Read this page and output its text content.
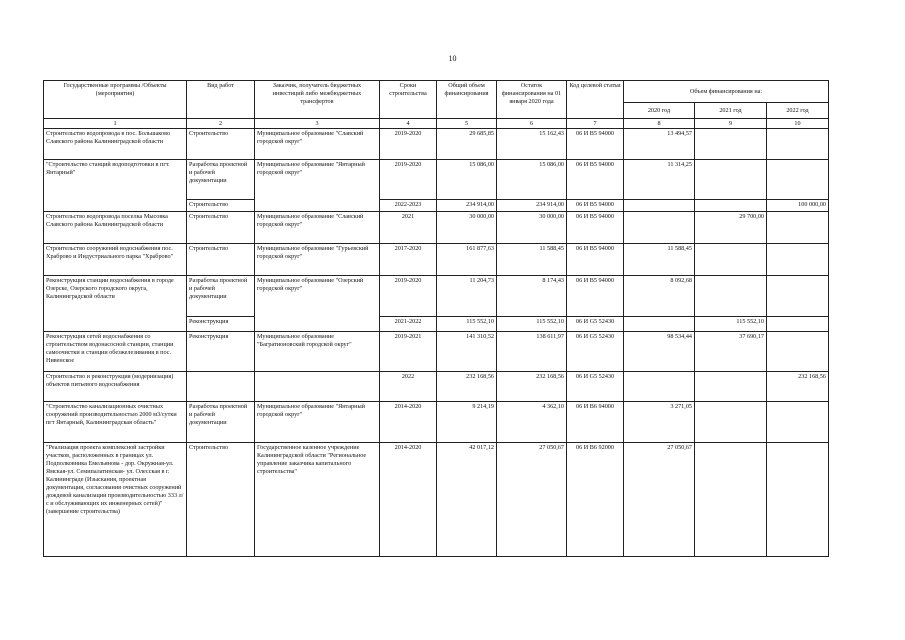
10
Государственные программы /Объекты (мероприятия)	Вид работ	Заказчик, получатель бюджетных инвестиций либо межбюджетных трансфертов	Сроки строительства	Общий объем финансирования	Остаток финансирования на 01 января 2020 года	Код целевой статьи	Объем финансирования на:		
							2020 год	2021 год	2022 год
1	2	3	4	5	6	7	8	9	10
Строительство водопровода в пос. Большаково Славского района Калининградской области	Строительство	Муниципальное образование "Славский городской округ"	2019-2020	29 685,85	15 162,43	06 И В5 94000	13 494,57		
"Строительство станций водоподготовки в пгт. Янтарный"	Разработка проектной и рабочей документации	Муниципальное образование "Янтарный городской округ"	2019-2020	15 086,00	15 086,00	06 И В5 94000	11 314,25		
	Строительство		2022-2023	234 914,00	234 914,00	06 И В5 94000			100 000,00
Строительство водопровода поселка Мысовка Славского района Калининградской области	Строительство	Муниципальное образование "Славский городской округ"	2021	30 000,00	30 000,00	06 И В5 94000		29 700,00	
Строительство сооружений водоснабжения пос. Храброво и Индустриального парка "Храброво"	Строительство	Муниципальное образование "Гурьевский городской округ"	2017-2020	161 877,63	11 588,45	06 И В5 94000	11 588,45		
Реконструкция станции водоснабжения в городе Озерске, Озерского городского округа, Калининградской области	Разработка проектной и рабочей документации	Муниципальное образование "Озерский городской округ"	2019-2020	11 204,73	8 174,43	06 И В5 94000	8 092,68		
	Реконструкция		2021-2022	115 552,10	115 552,10	06 И G5 52430		115 552,10	
Реконструкция сетей водоснабжения со строительством водонасосной станции, станции самоочистки и станции обезжелезивания в пос. Нивенское	Реконструкция	Муниципальное образование "Багратионовский городской округ"	2019-2021	141 310,52	138 611,97	06 И G5 52430	98 534,44	37 690,17	
Строительство и реконструкция (модернизация) объектов питьевого водоснабжения			2022	232 168,56	232 168,56	06 И G5 52430			232 168,56
"Строительство канализационных очистных сооружений производительностью 2000 м3/сутки пгт Янтарный, Калининградская область"	Разработка проектной и рабочей документации	Муниципальное образование "Янтарный городской округ"	2014-2020	9 214,19	4 362,10	06 И В6 94000	3 271,05		
"Реализация проекта комплексной застройки участков, расположенных в границах ул. Подполковника Емельянова - дор. Окружная-ул. Ямская-ул. Семипалатинская- ул. Олесская в г. Калининграде (Изыскания, проектная документация, согласования очистных сооружений дождевой канализации производительностью 333 л/с и обслуживающих их инженерных сетей)"(завершение строительства)	Строительство	Государственное казенное учреждение Калининградской области "Региональное управление заказчика капитального строительства"	2014-2020	42 017,12	27 050,67	06 И В6 92000	27 050,67		
